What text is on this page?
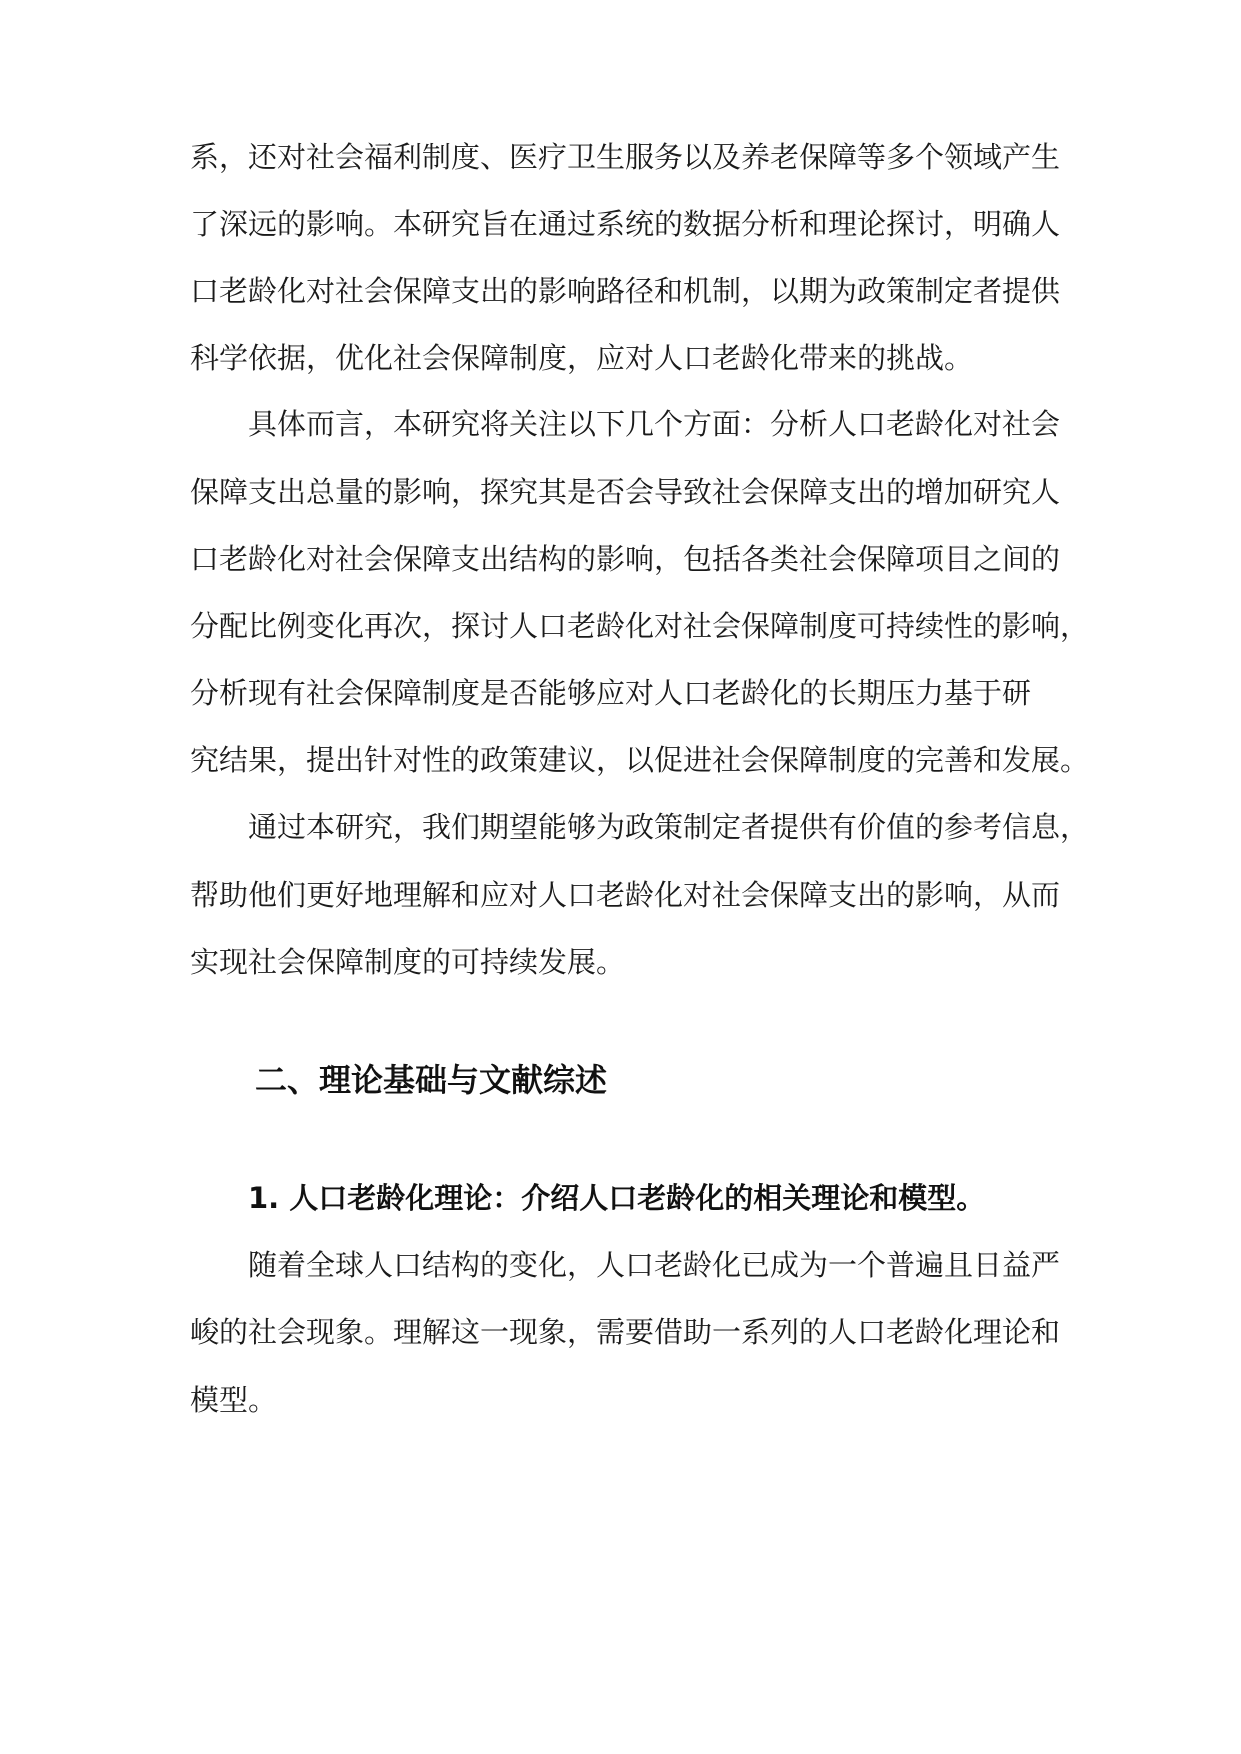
系，还对社会福利制度、医疗卫生服务以及养老保障等多个领域产生

了深远的影响。本研究旨在通过系统的数据分析和理论探讨，明确人

口老龄化对社会保障支出的影响路径和机制，以期为政策制定者提供

科学依据，优化社会保障制度，应对人口老龄化带来的挑战。

具体而言，本研究将关注以下几个方面：分析人口老龄化对社会

保障支出总量的影响，探究其是否会导致社会保障支出的增加研究人

口老龄化对社会保障支出结构的影响，包括各类社会保障项目之间的

分配比例变化再次，探讨人口老龄化对社会保障制度可持续性的影响，

分析现有社会保障制度是否能够应对人口老龄化的长期压力基于研

究结果，提出针对性的政策建议，以促进社会保障制度的完善和发展。

通过本研究，我们期望能够为政策制定者提供有价值的参考信息，

帮助他们更好地理解和应对人口老龄化对社会保障支出的影响，从而

实现社会保障制度的可持续发展。

二、理论基础与文献综述
1. 人口老龄化理论：介绍人口老龄化的相关理论和模型。

随着全球人口结构的变化，人口老龄化已成为一个普遍且日益严

峻的社会现象。理解这一现象，需要借助一系列的人口老龄化理论和

模型。
